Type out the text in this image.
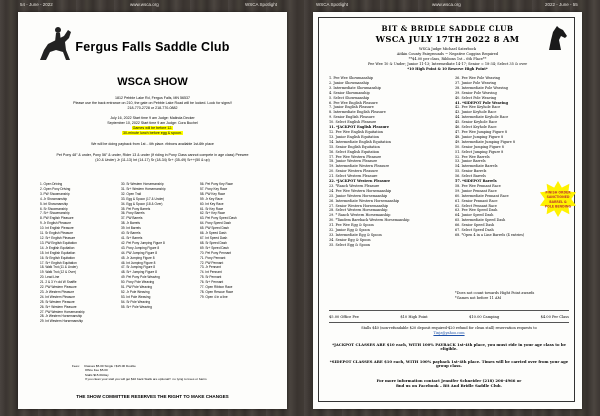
54 - June - 2022	www.wsca.org	WSCA Spotlight	WSCA Spotlight	www.wsca.org	2022 - June - 55
Fergus Falls Saddle Club
WSCA SHOW
1812 Pebble Lake Rd, Fergus Falls, MN 56537
Please use the back entrance on 210, the gate on Pebble Lake Road will be locked. Look for signs!!
218-770-2728 or 218-770-0882
July 16, 2022 Start time 9 am Judge: Malinda Decker
September 10, 2022 Start time 9 am Judge: Cora Buchel
Games will be before 12.
30-minute lunch before egg & spoon.
We will be doing payback from 1st - 4th place. ribbons available 1st-6th place
Pet Pony 48" & under, Pony 56" & under, Rider 13 & under (If riding in Pony Class cannot compete in age class) Peewee
(10 & Under) Jr (11-13) Int (14-17) Sr (18-34) Sr+ (35-49) Sr++(50 & up)
1. Open Driving
2. Open Pony Driving
3. PW Showmanship
4. Jr Showmanship
5. Int Showmanship
6. Sr Showmanship
7. Sr+ Showmanship
8. PW English Pleasure
9. Jr English Pleasure
10. Int English Pleasure
11. Sr English Pleasure
12. Sr+ English Pleasure
13. PW English Equitation
14. Jr English Equitation
15. Int English Equitation
16. Sr English Equitation
17. Sr+ English Equitation
18. Walk Trot (11 & Under)
19. Walk Trot (12 & Over)
20. Lead Line
21. 2 & 3 Yr old W Snaffle
22. PW Western Pleasure
23. Jr Western Pleasure
24. Int Western Pleasure
25. Sr Western Pleasure
26. Sr+ Western Pleasure
27. PW Western Horsemanship
28. Jr Western Horsemanship
29. Int Western Horsemanship
30. Sr Western Horsemanship
31. Sr+ Western Horsemanship
32. Open Trail
33. Egg & Spoon (17 & Under)
34. Egg & Spoon (18 & Over)
35. Pet Pony Barrels
36. Pony Barrels
37. PW Barrels
38. Jr Barrels
39. Int Barrels
40. Sr Barrels
41. Sr+ Barrels
42. Pet Pony Jumping Figure 8
43. Pony Jumping Figure 8
44. PW Jumping Figure 8
45. Jr Jumping Figure 8
46. Int Jumping Figure 8
47. Sr Jumping Figure 8
48. Sr+ Jumping Figure 8
49. Pet Pony Pole Weaving
50. Pony Pole Weaving
51. PW Pole Weaving
52. Jr Pole Weaving
53. Int Pole Weaving
54. Sr Pole Weaving
55. Sr+ Pole Weaving
56. Pet Pony Key Race
57. Pony Key Race
58. PW Key Race
59. Jr Key Race
60. Int Key Race
61. Sr Key Race
62. Sr+ Key Race
63. Pet Pony Speed Dash
64. Pony Speed Dash
65. PW Speed Dash
66. Jr Speed Dash
67. Int Speed Dash
68. Sr Speed Dash
69. Sr+ Speed Dash
70. Pet Pony Pennant
71. Pony Pennant
72. PW Pennant
73. Jr Pennant
74. Int Pennant
75. Sr Pennant
76. Sr+ Pennant
77. Open Ribbon Race
78. Open Rescue Race
79. Open 4 in a line
Fees:     Classes $5.00 Single / $15.00 Double
Office Fee $5.00
Stalls $15.00/day
If you clean your stall you will get $10 back Stalls are optional!!  no tying to trees or barns
THE SHOW COMMITTEE RESERVES THE RIGHT TO MAKE CHANGES
BIT & BRIDLE SADDLE CLUB
WSCA JULY 17TH 2022 8 AM
WSCA Judge Michael Saterbock
Aitkin County Fairgrounds ~ Negative Coggins Required
**$4.00 per class, Ribbons 1st – 6th Place**
Pee Wee 10 & Under; Junior 11-13; Intermediate 14-17; Senior = 18-34; Select 35 & over
*10 High Point & 10 Reserve High Point*
1. Pee Wee Showmanship
2. Junior Showmanship
3. Intermediate Showmanship
4. Senior Showmanship
5. Select Showmanship
6. Pee Wee English Pleasure
7. Junior English Pleasure
8. Intermediate English Pleasure
9. Senior English Pleasure
10. Select English Pleasure
11. *JACKPOT English Pleasure
12. Pee Wee English Equitation
13. Junior English Equitation
14. Intermediate English Equitation
15. Senior English Equitation
16. Select English Equitation
17. Pee Wee Western Pleasure
18. Junior Western Pleasure
19. Intermediate Western Pleasure
20. Senior Western Pleasure
21. Select Western Pleasure
22. *JACKPOT Western Pleasure
23. *Ranch Western Pleasure
24. Pee Wee Western Horsemanship
25. Junior Western Horsemanship
26. Intermediate Western Horsemanship
27. Senior Western Horsemanship
28. Select Western Horsemanship
29. * Ranch Western Horsemanship
30. *Tandem Bareback Western Horsemanship
31. Pee Wee Egg & Spoon
32. Junior Egg & Spoon
33. Intermediate Egg & Spoon
34. Senior Egg & Spoon
35. Select Egg & Spoon
36. Pee Wee Pole Weaving
37. Junior Pole Weaving
38. Intermediate Pole Weaving
39. Senior Pole Weaving
40. Select Pole Weaving
41. *SIDEPOT Pole Weaving
42. Pee Wee Keyhole Race
43. Junior Keyhole Race
44. Intermediate Keyhole Race
45. Senior Keyhole Race
46. Select Keyhole Race
47. Pee Wee Jumping Figure 8
48. Junior Jumping Figure 8
49. Intermediate Jumping Figure 8
50. Senior Jumping Figure 8
51. Select Jumping Figure 8
52. Pee Wee Barrels
53. Junior Barrels
54. Intermediate Barrels
55. Senior Barrels
56. Select Barrels
57. *SIDEPOT Barrels
58. Pee Wee Pennant Race
59. Junior Pennant Race
60. Intermediate Pennant Race
61. Senior Pennant Race
62. Select Pennant Race
63. Pee Wee Speed Dash
64. Junior Speed Dash
65. Intermediate Speed Dash
66. Senior Speed Dash
67. Select Speed Dash
68. *Open 4 in a Line Barrels (4 entries)
FINISH ORDER
SANCTIONED
BARREL &
POLE BENDING
*Does not count towards Hight Point awards
*Games not before 11 AM
$5.00 Office Fee	$10 High Point	$10.00 Camping	$4.00 Per Class
Stalls $40 (non-refundable $20 deposit required-$20 refund for clean stall) reservation requests to
Tinjz@yahoo.com
*JACKPOT CLASSES ARE $10 each, WITH 100% PAYBACK 1st-4th place, you must ride in your age class to be eligible.
*SIDEPOT CLASSES ARE $10 each, WITH 100% payback 1st-4th place. Times will be carried over from your age group class.
For more information contact Jennifer Schneider (218) 206-4966 or
find us on Facebook – Bit And Bridle Saddle Club.
